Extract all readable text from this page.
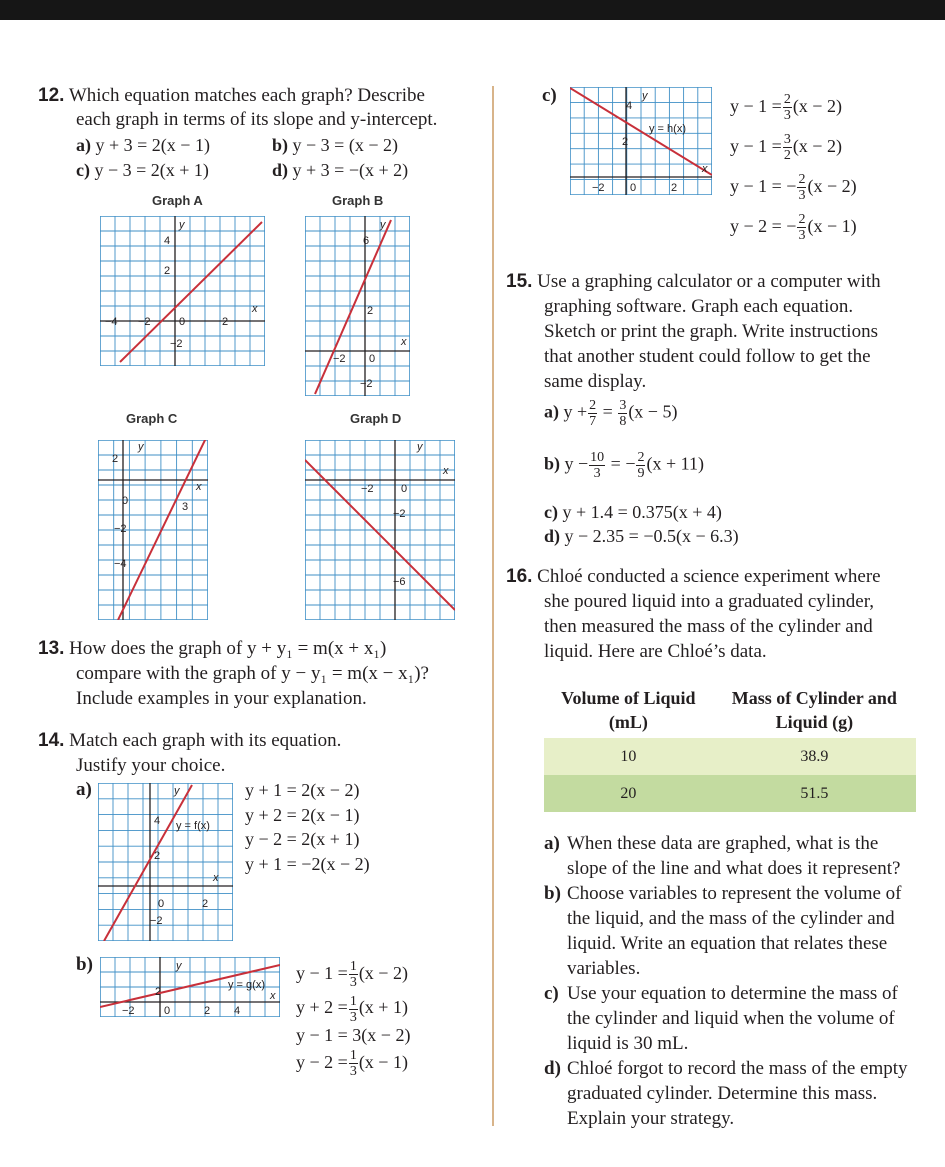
12. Which equation matches each graph? Describe
each graph in terms of its slope and y-intercept.
a) y + 3 = 2(x − 1)	b) y − 3 = (x − 2)
c) y − 3 = 2(x + 1)	d) y + 3 = −(x + 2)
Graph A	Graph B
Graph C	Graph D
y
4
2
−4 −2	0	2
−2
x
y
6
2
−2 0
−2
x
y
2
0
−2
−4
3
x
y
−2 0
−2
−6
x
13. How does the graph of y + y₁ = m(x + x₁)
compare with the graph of y − y₁ = m(x − x₁)?
Include examples in your explanation.
14. Match each graph with its equation.
Justify your choice.
a)	y
y = f(x)
4
2
0
−2
2
x
y + 1 = 2(x − 2)
y + 2 = 2(x − 1)
y − 2 = 2(x + 1)
y + 1 = −2(x − 2)
b)	y
y = g(x)
2
−2	0	2 4
x
$y - 1 = \frac{1}{3} (x - 2)$
$y + 2 = \frac{1}{3} (x + 1)$
y − 1 = 3(x − 2)
$y - 2 = \frac{1}{3} (x - 1)$
c)	y
y = h(x)
4
2
−2 0	2
x
$y - 1 = \frac{2}{3} (x - 2)$
$y - 1 = \frac{3}{2} (x - 2)$
y − 1 = − $\frac{2}{3} (x - 2)$
y − 2 = − $\frac{2}{3} (x - 1)$
15. Use a graphing calculator or a computer with
graphing software. Graph each equation.
Sketch or print the graph. Write instructions
that another student could follow to get the
same display.
a) $y + \frac{2}{7} = \frac{3}{8} (x - 5)$
b) $y - \frac{10}{3}$ = − $\frac{2}{9} (x + 11)$
c) y + 1.4 = 0.375(x + 4)
d) y − 2.35 = −0.5(x − 6.3)
16. Chloé conducted a science experiment where
she poured liquid into a graduated cylinder,
then measured the mass of the cylinder and
liquid. Here are Chloé’s data.
Volume of Liquid
(mL)	Mass of Cylinder and
Liquid (g)
10	38.9
20	51.5
a) When these data are graphed, what is the
slope of the line and what does it represent?
b) Choose variables to represent the volume of
the liquid, and the mass of the cylinder and
liquid. Write an equation that relates these
variables.
c) Use your equation to determine the mass of
the cylinder and liquid when the volume of
liquid is 30 mL.
d) Chloé forgot to record the mass of the empty
graduated cylinder. Determine this mass.
Explain your strategy.
